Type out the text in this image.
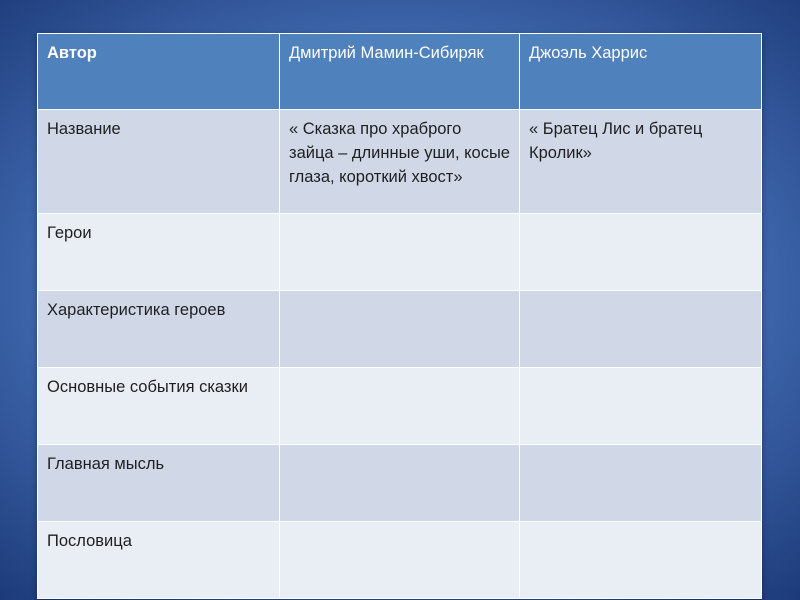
Автор	Дмитрий Мамин-Сибиряк	Джоэль Харрис
Название	« Сказка про храброго зайца – длинные уши, косые глаза, короткий хвост»	« Братец Лис и братец Кролик»
Герои		
Характеристика героев		
Основные события сказки		
Главная мысль		
Пословица		
